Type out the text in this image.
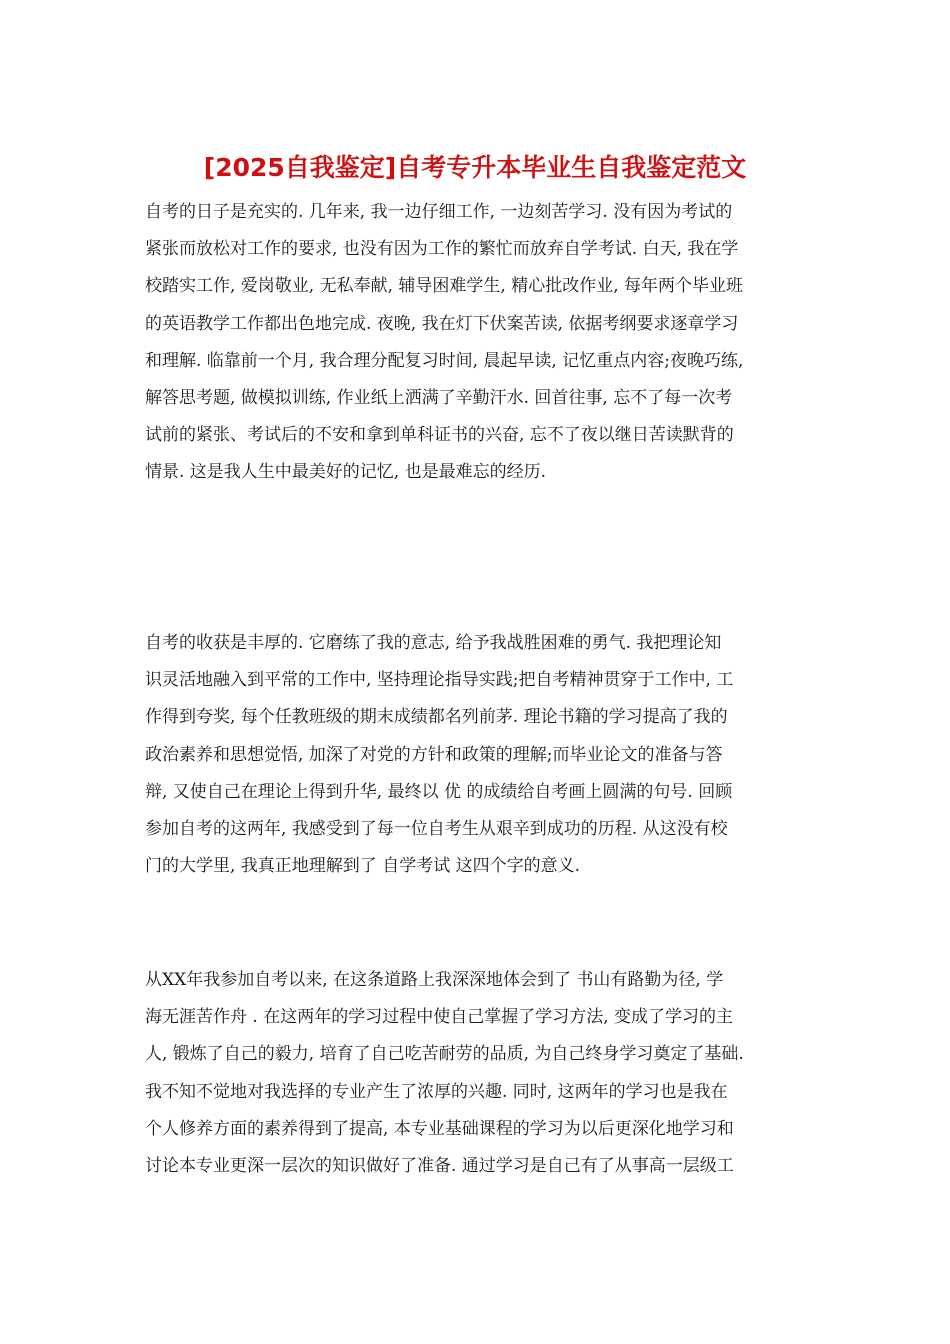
[2025自我鉴定]自考专升本毕业生自我鉴定范文
自考的日子是充实的. 几年来, 我一边仔细工作, 一边刻苦学习. 没有因为考试的
紧张而放松对工作的要求, 也没有因为工作的繁忙而放弃自学考试. 白天, 我在学
校踏实工作, 爱岗敬业, 无私奉献, 辅导困难学生, 精心批改作业, 每年两个毕业班
的英语教学工作都出色地完成. 夜晚, 我在灯下伏案苦读, 依据考纲要求逐章学习
和理解. 临靠前一个月, 我合理分配复习时间, 晨起早读, 记忆重点内容;夜晚巧练,
解答思考题, 做模拟训练, 作业纸上洒满了辛勤汗水. 回首往事, 忘不了每一次考
试前的紧张、考试后的不安和拿到单科证书的兴奋, 忘不了夜以继日苦读默背的
情景. 这是我人生中最美好的记忆, 也是最难忘的经历.
自考的收获是丰厚的. 它磨练了我的意志, 给予我战胜困难的勇气. 我把理论知
识灵活地融入到平常的工作中, 坚持理论指导实践;把自考精神贯穿于工作中, 工
作得到夸奖, 每个任教班级的期末成绩都名列前茅. 理论书籍的学习提高了我的
政治素养和思想觉悟, 加深了对党的方针和政策的理解;而毕业论文的准备与答
辩, 又使自己在理论上得到升华, 最终以 优 的成绩给自考画上圆满的句号. 回顾
参加自考的这两年, 我感受到了每一位自考生从艰辛到成功的历程. 从这没有校
门的大学里, 我真正地理解到了 自学考试 这四个字的意义.
从XX年我参加自考以来, 在这条道路上我深深地体会到了 书山有路勤为径, 学
海无涯苦作舟 . 在这两年的学习过程中使自己掌握了学习方法, 变成了学习的主
人, 锻炼了自己的毅力, 培育了自己吃苦耐劳的品质, 为自己终身学习奠定了基础.
我不知不觉地对我选择的专业产生了浓厚的兴趣. 同时, 这两年的学习也是我在
个人修养方面的素养得到了提高, 本专业基础课程的学习为以后更深化地学习和
讨论本专业更深一层次的知识做好了准备. 通过学习是自己有了从事高一层级工
